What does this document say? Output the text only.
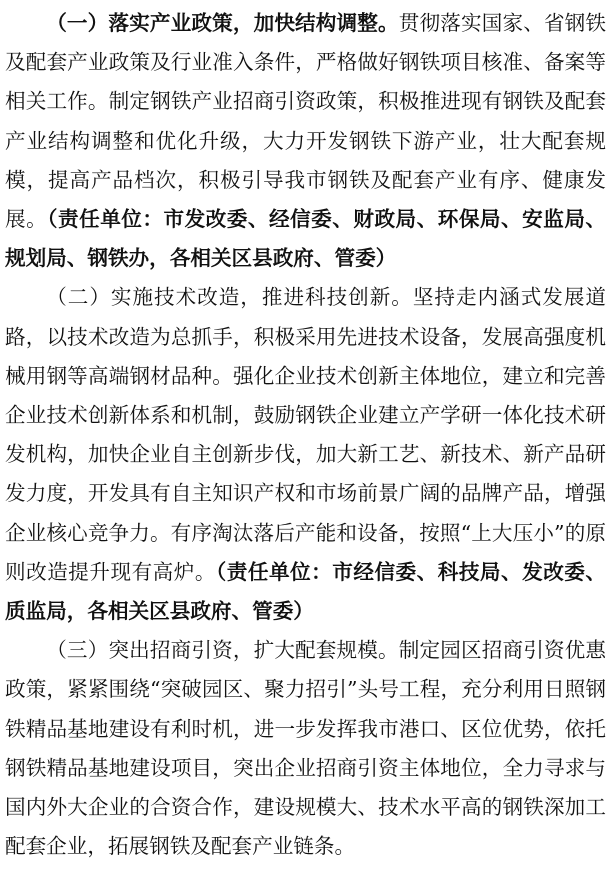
（一）落实产业政策，加快结构调整。贯彻落实国家、省钢铁及配套产业政策及行业准入条件，严格做好钢铁项目核准、备案等相关工作。制定钢铁产业招商引资政策，积极推进现有钢铁及配套产业结构调整和优化升级，大力开发钢铁下游产业，壮大配套规模，提高产品档次，积极引导我市钢铁及配套产业有序、健康发展。（责任单位：市发改委、经信委、财政局、环保局、安监局、规划局、钢铁办，各相关区县政府、管委）

（二）实施技术改造，推进科技创新。坚持走内涵式发展道路，以技术改造为总抓手，积极采用先进技术设备，发展高强度机械用钢等高端钢材品种。强化企业技术创新主体地位，建立和完善企业技术创新体系和机制，鼓励钢铁企业建立产学研一体化技术研发机构，加快企业自主创新步伐，加大新工艺、新技术、新产品研发力度，开发具有自主知识产权和市场前景广阔的品牌产品，增强企业核心竞争力。有序淘汰落后产能和设备，按照“上大压小”的原则改造提升现有高炉。（责任单位：市经信委、科技局、发改委、质监局，各相关区县政府、管委）

（三）突出招商引资，扩大配套规模。制定园区招商引资优惠政策，紧紧围绕“突破园区、聚力招引”头号工程，充分利用日照钢铁精品基地建设有利时机，进一步发挥我市港口、区位优势，依托钢铁精品基地建设项目，突出企业招商引资主体地位，全力寻求与国内外大企业的合资合作，建设规模大、技术水平高的钢铁深加工配套企业，拓展钢铁及配套产业链条。
